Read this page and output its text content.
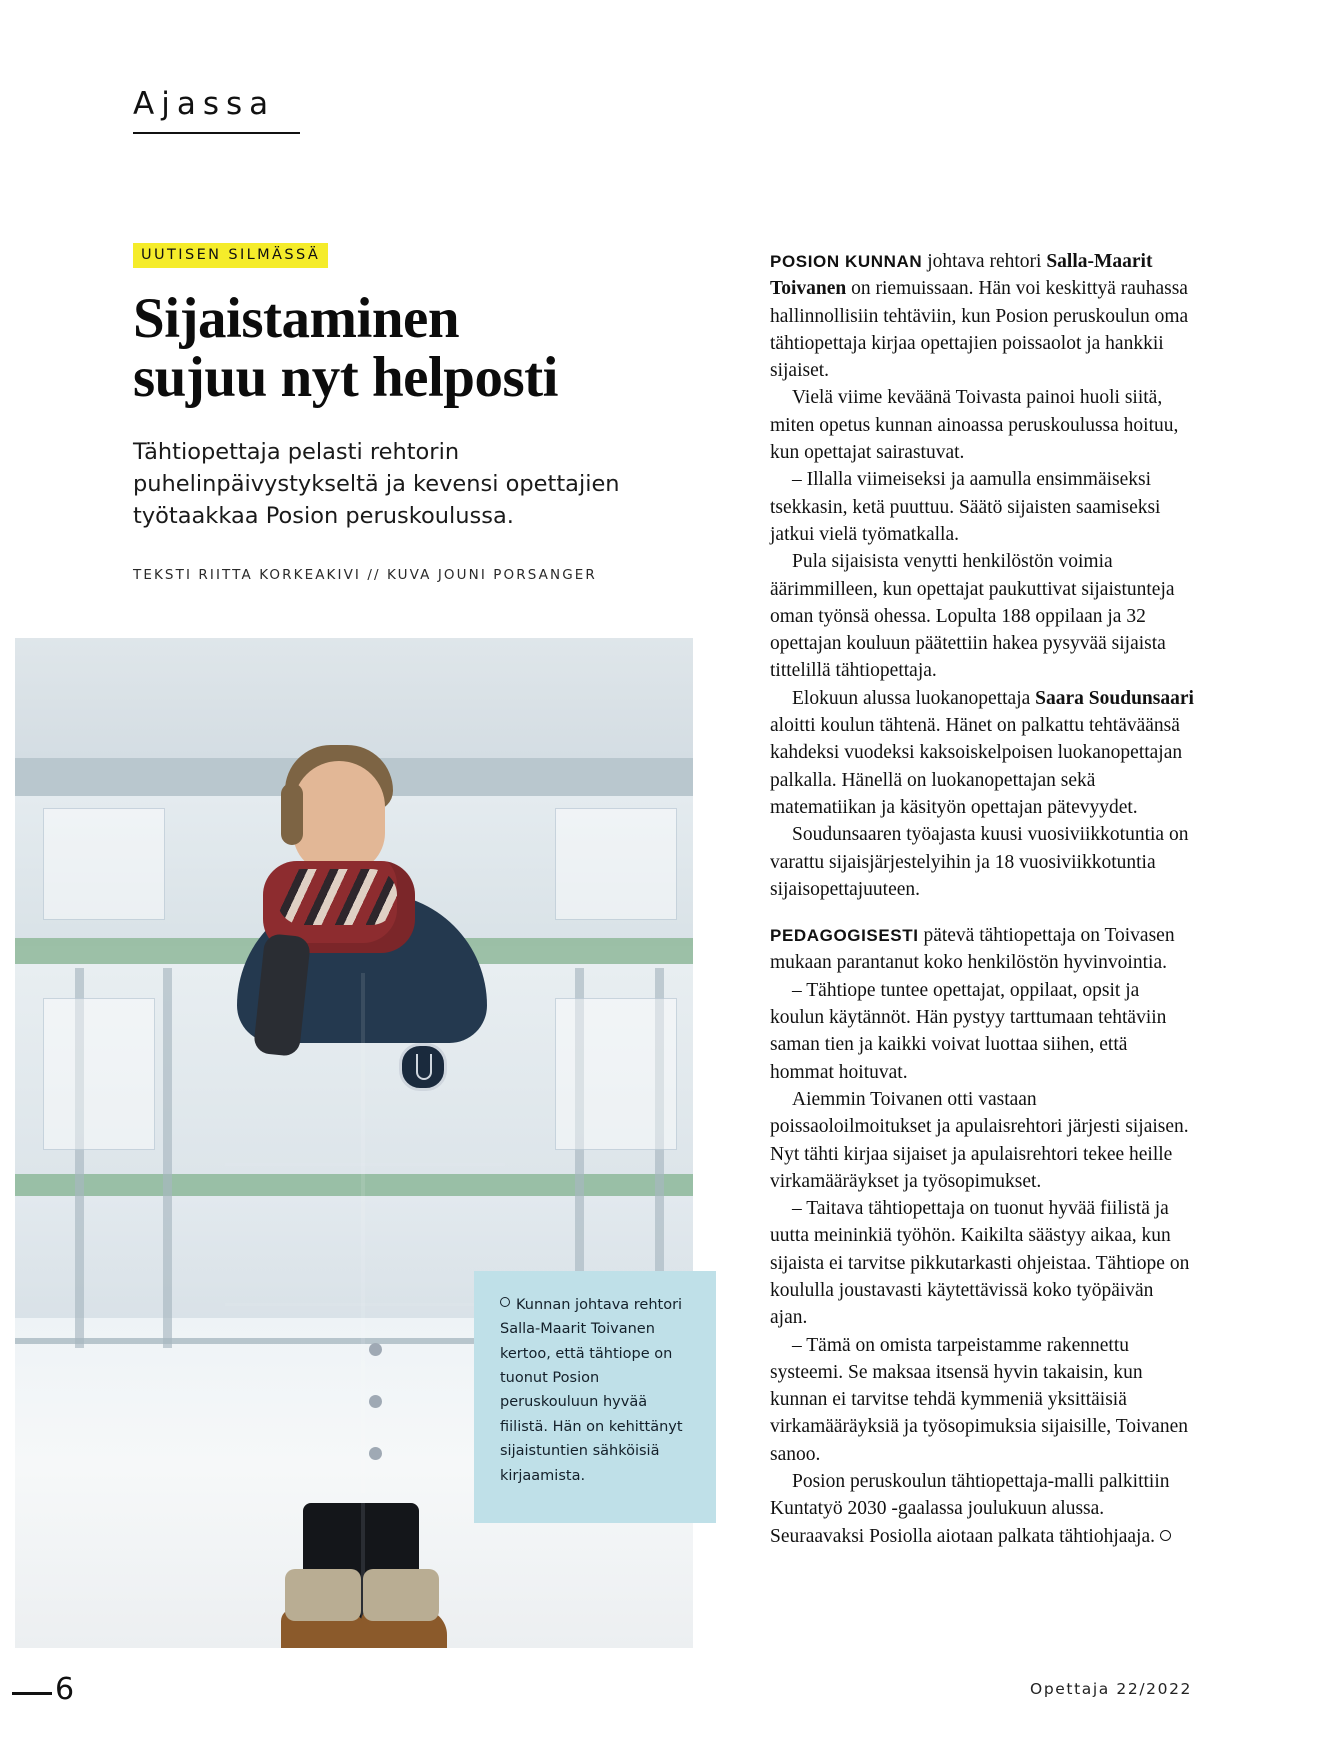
Ajassa
UUTISEN SILMÄSSÄ
Sijaistaminen
sujuu nyt helposti
Tähtiopettaja pelasti rehtorin puhelinpäivystykseltä ja kevensi opettajien työtaakkaa Posion peruskoulussa.
TEKSTI RIITTA KORKEAKIVI // KUVA JOUNI PORSANGER
Kunnan johtava rehtori Salla-Maarit Toivanen kertoo, että tähtiope on tuonut Posion peruskouluun hyvää fiilistä. Hän on kehittänyt sijaistuntien sähköisiä kirjaamista.

POSION KUNNAN johtava rehtori Salla-Maarit Toivanen on riemuissaan. Hän voi keskittyä rauhassa hallinnollisiin tehtäviin, kun Posion peruskoulun oma tähtiopettaja kirjaa opettajien poissaolot ja hankkii sijaiset.

Vielä viime keväänä Toivasta painoi huoli siitä, miten opetus kunnan ainoassa peruskoulussa hoituu, kun opettajat sairastuvat.

– Illalla viimeiseksi ja aamulla ensimmäiseksi tsekkasin, ketä puuttuu. Säätö sijaisten saamiseksi jatkui vielä työmatkalla.

Pula sijaisista venytti henkilöstön voimia äärimmilleen, kun opettajat paukuttivat sijaistunteja oman työnsä ohessa. Lopulta 188 oppilaan ja 32 opettajan kouluun päätettiin hakea pysyvää sijaista tittelillä tähtiopettaja.

Elokuun alussa luokanopettaja Saara Soudunsaari aloitti koulun tähtenä. Hänet on palkattu tehtäväänsä kahdeksi vuodeksi kaksoiskelpoisen luokanopettajan palkalla. Hänellä on luokanopettajan sekä matematiikan ja käsityön opettajan pätevyydet.

Soudunsaaren työajasta kuusi vuosiviikkotuntia on varattu sijaisjärjestelyihin ja 18 vuosiviikkotuntia sijaisopettajuuteen.

PEDAGOGISESTI pätevä tähtiopettaja on Toivasen mukaan parantanut koko henkilöstön hyvinvointia.

– Tähtiope tuntee opettajat, oppilaat, opsit ja koulun käytännöt. Hän pystyy tarttumaan tehtäviin saman tien ja kaikki voivat luottaa siihen, että hommat hoituvat.

Aiemmin Toivanen otti vastaan poissaoloilmoitukset ja apulaisrehtori järjesti sijaisen. Nyt tähti kirjaa sijaiset ja apulaisrehtori tekee heille virkamääräykset ja työsopimukset.

– Taitava tähtiopettaja on tuonut hyvää fiilistä ja uutta meininkiä työhön. Kaikilta säästyy aikaa, kun sijaista ei tarvitse pikkutarkasti ohjeistaa. Tähtiope on koululla joustavasti käytettävissä koko työpäivän ajan.

– Tämä on omista tarpeistamme rakennettu systeemi. Se maksaa itsensä hyvin takaisin, kun kunnan ei tarvitse tehdä kymmeniä yksittäisiä virkamääräyksiä ja työsopimuksia sijaisille, Toivanen sanoo.

Posion peruskoulun tähtiopettaja-malli palkittiin Kuntatyö 2030 -gaalassa joulukuun alussa. Seuraavaksi Posiolla aiotaan palkata tähtiohjaaja.

6	Opettaja 22/2022
